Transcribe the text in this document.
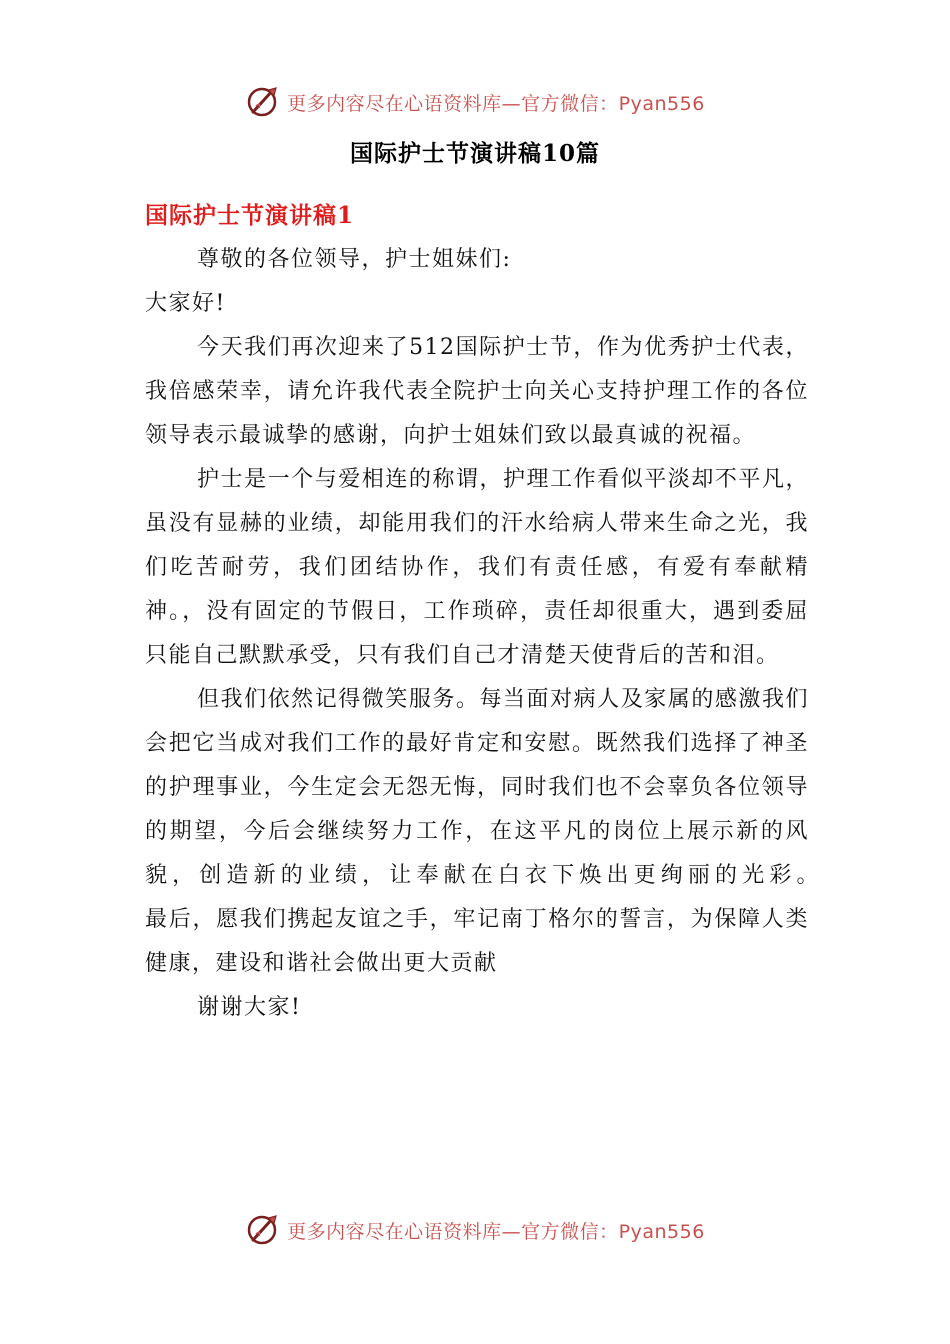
更多内容尽在心语资料库—官方微信：Pyan556
国际护士节演讲稿10篇
国际护士节演讲稿1

尊敬的各位领导，护士姐妹们:

大家好!

今天我们再次迎来了512国际护士节，作为优秀护士代表，我倍感荣幸，请允许我代表全院护士向关心支持护理工作的各位领导表示最诚挚的感谢，向护士姐妹们致以最真诚的祝福。

护士是一个与爱相连的称谓，护理工作看似平淡却不平凡，虽没有显赫的业绩，却能用我们的汗水给病人带来生命之光，我们吃苦耐劳，我们团结协作，我们有责任感，有爱有奉献精神。，没有固定的节假日，工作琐碎，责任却很重大，遇到委屈只能自己默默承受，只有我们自己才清楚天使背后的苦和泪。

但我们依然记得微笑服务。每当面对病人及家属的感激我们会把它当成对我们工作的最好肯定和安慰。既然我们选择了神圣的护理事业，今生定会无怨无悔，同时我们也不会辜负各位领导的期望，今后会继续努力工作，在这平凡的岗位上展示新的风貌，创造新的业绩，让奉献在白衣下焕出更绚丽的光彩。　　　最后，愿我们携起友谊之手，牢记南丁格尔的誓言，为保障人类健康，建设和谐社会做出更大贡献

谢谢大家!

更多内容尽在心语资料库—官方微信：Pyan556
